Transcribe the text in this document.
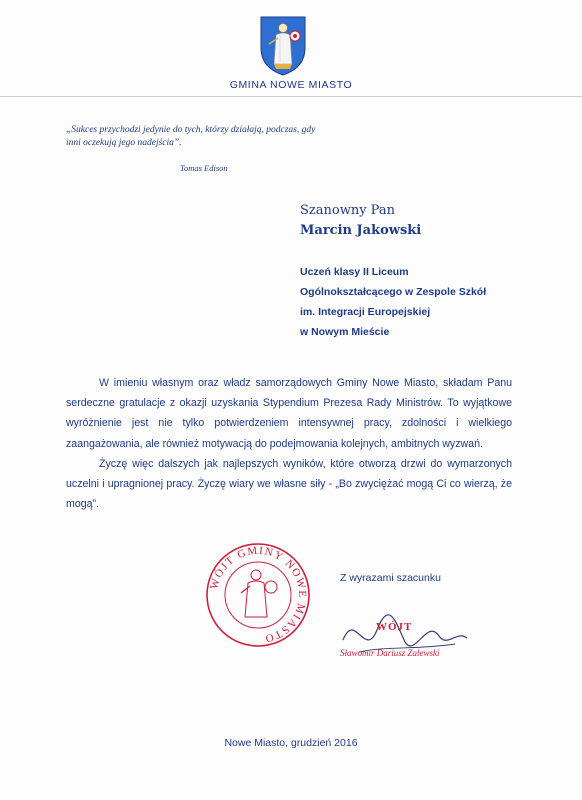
GMINA NOWE MIASTO
„Sukces przychodzi jedynie do tych, którzy działają, podczas, gdy inni oczekują jego nadejścia”.
Tomas Edison
Szanowny Pan
Marcin Jakowski
Uczeń klasy II Liceum
Ogólnokształcącego w Zespole Szkół
im. Integracji Europejskiej
w Nowym Mieście

W imieniu własnym oraz władz samorządowych Gminy Nowe Miasto, składam Panu serdeczne gratulacje z okazji uzyskania Stypendium Prezesa Rady Ministrów. To wyjątkowe wyróżnienie jest nie tylko potwierdzeniem intensywnej pracy, zdolności i wielkiego zaangażowania, ale również motywacją do podejmowania kolejnych, ambitnych wyzwań.

Życzę więc dalszych jak najlepszych wyników, które otworzą drzwi do wymarzonych uczelni i upragnionej pracy. Życzę wiary we własne siły - „Bo zwyciężać mogą Ci co wierzą, że mogą”.

WÓJT GMINY NOWE MIASTO
Z wyrazami szacunku
WÓJT
Sławomir Dariusz Zalewski
Nowe Miasto, grudzień 2016
